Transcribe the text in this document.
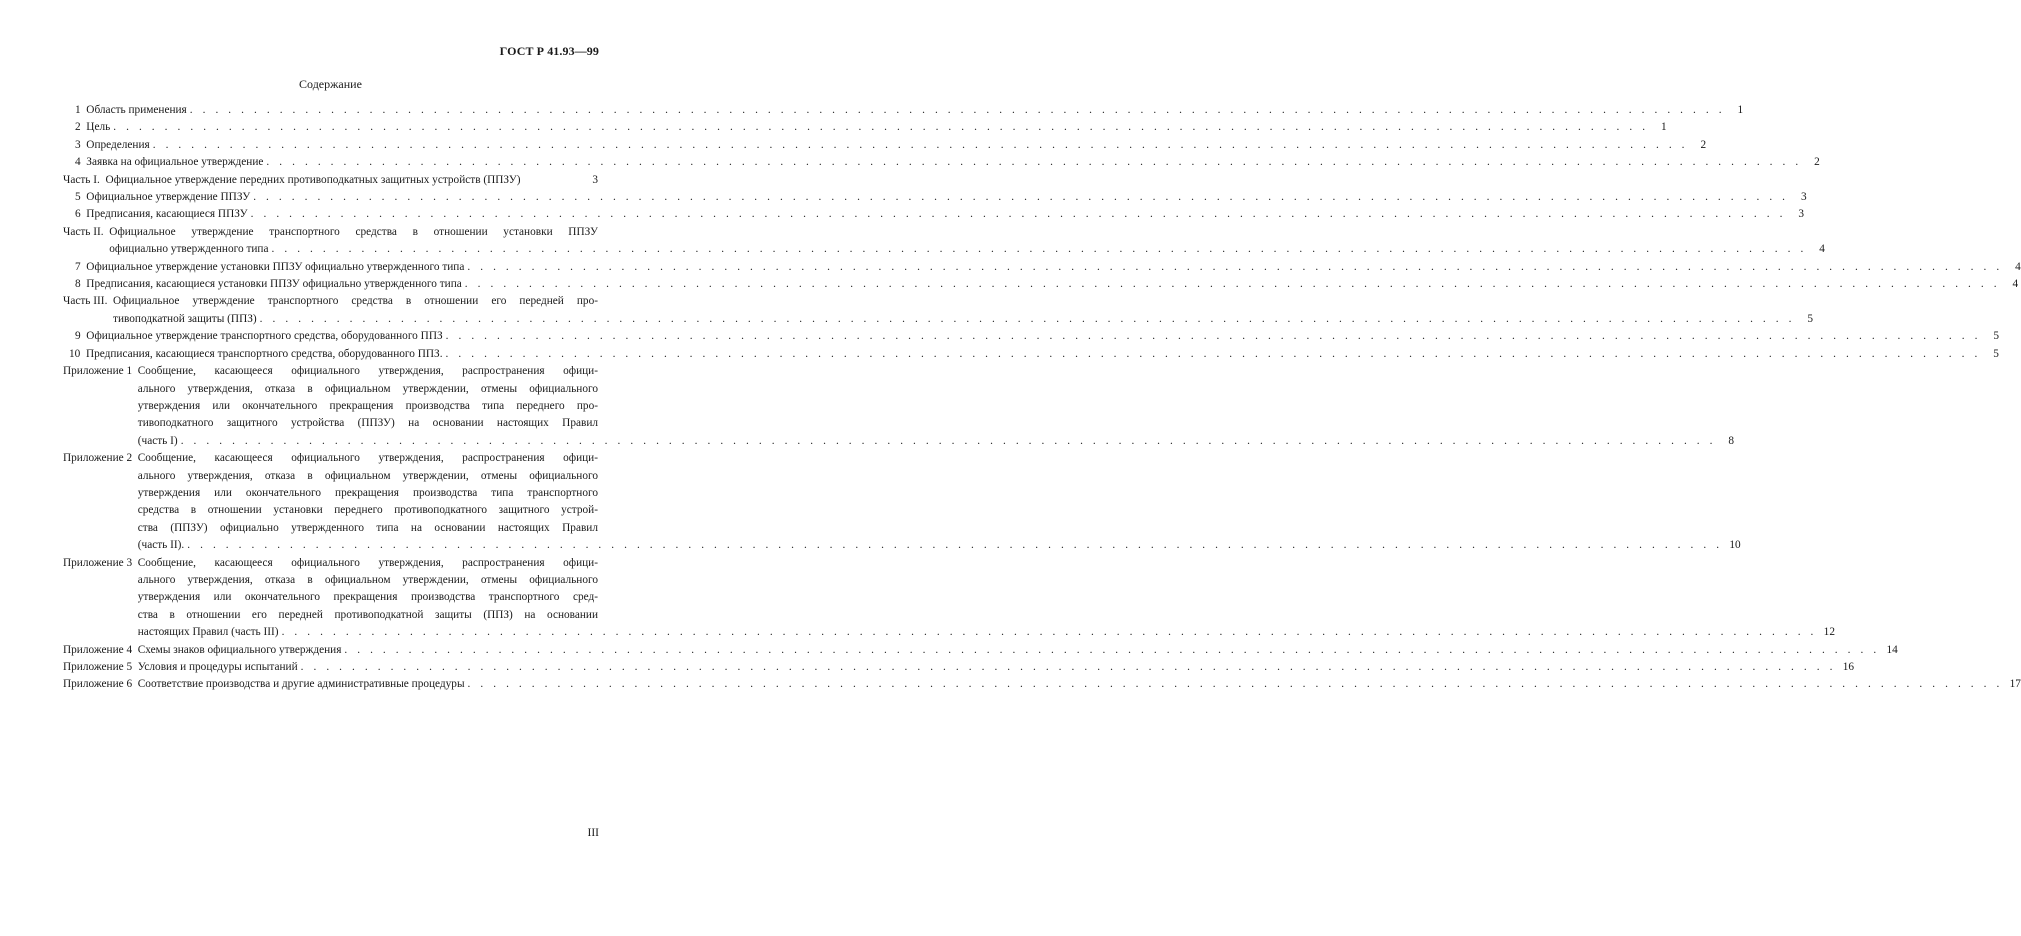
ГОСТ Р 41.93—99
Содержание
1 Область применения . . . . . . . . . . . . . . . . . . . . . . . . . . . . . . . . . . . . . . . . . . . . . . . . . . . . . . . . . . . . . . . . . . . . . . . . . . . . . . . . . . . . . . . . . . . . . . . . . . . . . . . . . . . . . . . . . . . . . . . .	1
2 Цель . . . . . . . . . . . . . . . . . . . . . . . . . . . . . . . . . . . . . . . . . . . . . . . . . . . . . . . . . . . . . . . . . . . . . . . . . . . . . . . . . . . . . . . . . . . . . . . . . . . . . . . . . . . . . . . . . . . . . . . .	1
3 Определения . . . . . . . . . . . . . . . . . . . . . . . . . . . . . . . . . . . . . . . . . . . . . . . . . . . . . . . . . . . . . . . . . . . . . . . . . . . . . . . . . . . . . . . . . . . . . . . . . . . . . . . . . . . . . . . . . . . . . . . .	2
4 Заявка на официальное утверждение . . . . . . . . . . . . . . . . . . . . . . . . . . . . . . . . . . . . . . . . . . . . . . . . . . . . . . . . . . . . . . . . . . . . . . . . . . . . . . . . . . . . . . . . . . . . . . . . . . . . . . . . . . . . . . . . . . . . . . . .	2
Часть I. Официальное утверждение передних противоподкатных защитных устройств (ППЗУ)	3
5 Официальное утверждение ППЗУ . . . . . . . . . . . . . . . . . . . . . . . . . . . . . . . . . . . . . . . . . . . . . . . . . . . . . . . . . . . . . . . . . . . . . . . . . . . . . . . . . . . . . . . . . . . . . . . . . . . . . . . . . . . . . . . . . . . . . . . .	3
6 Предписания, касающиеся ППЗУ . . . . . . . . . . . . . . . . . . . . . . . . . . . . . . . . . . . . . . . . . . . . . . . . . . . . . . . . . . . . . . . . . . . . . . . . . . . . . . . . . . . . . . . . . . . . . . . . . . . . . . . . . . . . . . . . . . . . . . . .	3
Часть II. Официальное утверждение транспортного средства в отношении установки ППЗУ
официально утвержденного типа . . . . . . . . . . . . . . . . . . . . . . . . . . . . . . . . . . . . . . . . . . . . . . . . . . . . . . . . . . . . . . . . . . . . . . . . . . . . . . . . . . . . . . . . . . . . . . . . . . . . . . . . . . . . . . . . . . . . . . . .	4
7 Официальное утверждение установки ППЗУ официально утвержденного типа . . . . . . . . . . . . . . . . . . . . . . . . . . . . . . . . . . . . . . . . . . . . . . . . . . . . . . . . . . . . . . . . . . . . . . . . . . . . . . . . . . . . . . . . . . . . . . . . . . . . . . . . . . . . . . . . . . . . . . . .	4
8 Предписания, касающиеся установки ППЗУ официально утвержденного типа . . . . . . . . . . . . . . . . . . . . . . . . . . . . . . . . . . . . . . . . . . . . . . . . . . . . . . . . . . . . . . . . . . . . . . . . . . . . . . . . . . . . . . . . . . . . . . . . . . . . . . . . . . . . . . . . . . . . . . . .	4
Часть III. Официальное утверждение транспортного средства в отношении его передней про-
тивоподкатной защиты (ППЗ) . . . . . . . . . . . . . . . . . . . . . . . . . . . . . . . . . . . . . . . . . . . . . . . . . . . . . . . . . . . . . . . . . . . . . . . . . . . . . . . . . . . . . . . . . . . . . . . . . . . . . . . . . . . . . . . . . . . . . . . .	5
9 Официальное утверждение транспортного средства, оборудованного ППЗ . . . . . . . . . . . . . . . . . . . . . . . . . . . . . . . . . . . . . . . . . . . . . . . . . . . . . . . . . . . . . . . . . . . . . . . . . . . . . . . . . . . . . . . . . . . . . . . . . . . . . . . . . . . . . . . . . . . . . . . .	5
10 Предписания, касающиеся транспортного средства, оборудованного ППЗ. . . . . . . . . . . . . . . . . . . . . . . . . . . . . . . . . . . . . . . . . . . . . . . . . . . . . . . . . . . . . . . . . . . . . . . . . . . . . . . . . . . . . . . . . . . . . . . . . . . . . . . . . . . . . . . . . . . . . . . . .	5
Приложение 1 Сообщение, касающееся официального утверждения, распространения офици-
ального утверждения, отказа в официальном утверждении, отмены официального
утверждения или окончательного прекращения производства типа переднего про-
тивоподкатного защитного устройства (ППЗУ) на основании настоящих Правил
(часть I) . . . . . . . . . . . . . . . . . . . . . . . . . . . . . . . . . . . . . . . . . . . . . . . . . . . . . . . . . . . . . . . . . . . . . . . . . . . . . . . . . . . . . . . . . . . . . . . . . . . . . . . . . . . . . . . . . . . . . . . .	8
Приложение 2 Сообщение, касающееся официального утверждения, распространения офици-
ального утверждения, отказа в официальном утверждении, отмены официального
утверждения или окончательного прекращения производства типа транспортного
средства в отношении установки переднего противоподкатного защитного устрой-
ства (ППЗУ) официально утвержденного типа на основании настоящих Правил
(часть II). . . . . . . . . . . . . . . . . . . . . . . . . . . . . . . . . . . . . . . . . . . . . . . . . . . . . . . . . . . . . . . . . . . . . . . . . . . . . . . . . . . . . . . . . . . . . . . . . . . . . . . . . . . . . . . . . . . . . . . . . 10
Приложение 3 Сообщение, касающееся официального утверждения, распространения офици-
ального утверждения, отказа в официальном утверждении, отмены официального
утверждения или окончательного прекращения производства транспортного сред-
ства в отношении его передней противоподкатной защиты (ППЗ) на основании
настоящих Правил (часть III) . . . . . . . . . . . . . . . . . . . . . . . . . . . . . . . . . . . . . . . . . . . . . . . . . . . . . . . . . . . . . . . . . . . . . . . . . . . . . . . . . . . . . . . . . . . . . . . . . . . . . . . . . . . . . . . . . . . . . . . . 12
Приложение 4 Схемы знаков официального утверждения . . . . . . . . . . . . . . . . . . . . . . . . . . . . . . . . . . . . . . . . . . . . . . . . . . . . . . . . . . . . . . . . . . . . . . . . . . . . . . . . . . . . . . . . . . . . . . . . . . . . . . . . . . . . . . . . . . . . . . . . 14
Приложение 5 Условия и процедуры испытаний . . . . . . . . . . . . . . . . . . . . . . . . . . . . . . . . . . . . . . . . . . . . . . . . . . . . . . . . . . . . . . . . . . . . . . . . . . . . . . . . . . . . . . . . . . . . . . . . . . . . . . . . . . . . . . . . . . . . . . . . 16
Приложение 6 Соответствие производства и другие административные процедуры . . . . . . . . . . . . . . . . . . . . . . . . . . . . . . . . . . . . . . . . . . . . . . . . . . . . . . . . . . . . . . . . . . . . . . . . . . . . . . . . . . . . . . . . . . . . . . . . . . . . . . . . . . . . . . . . . . . . . . . . 17
III
